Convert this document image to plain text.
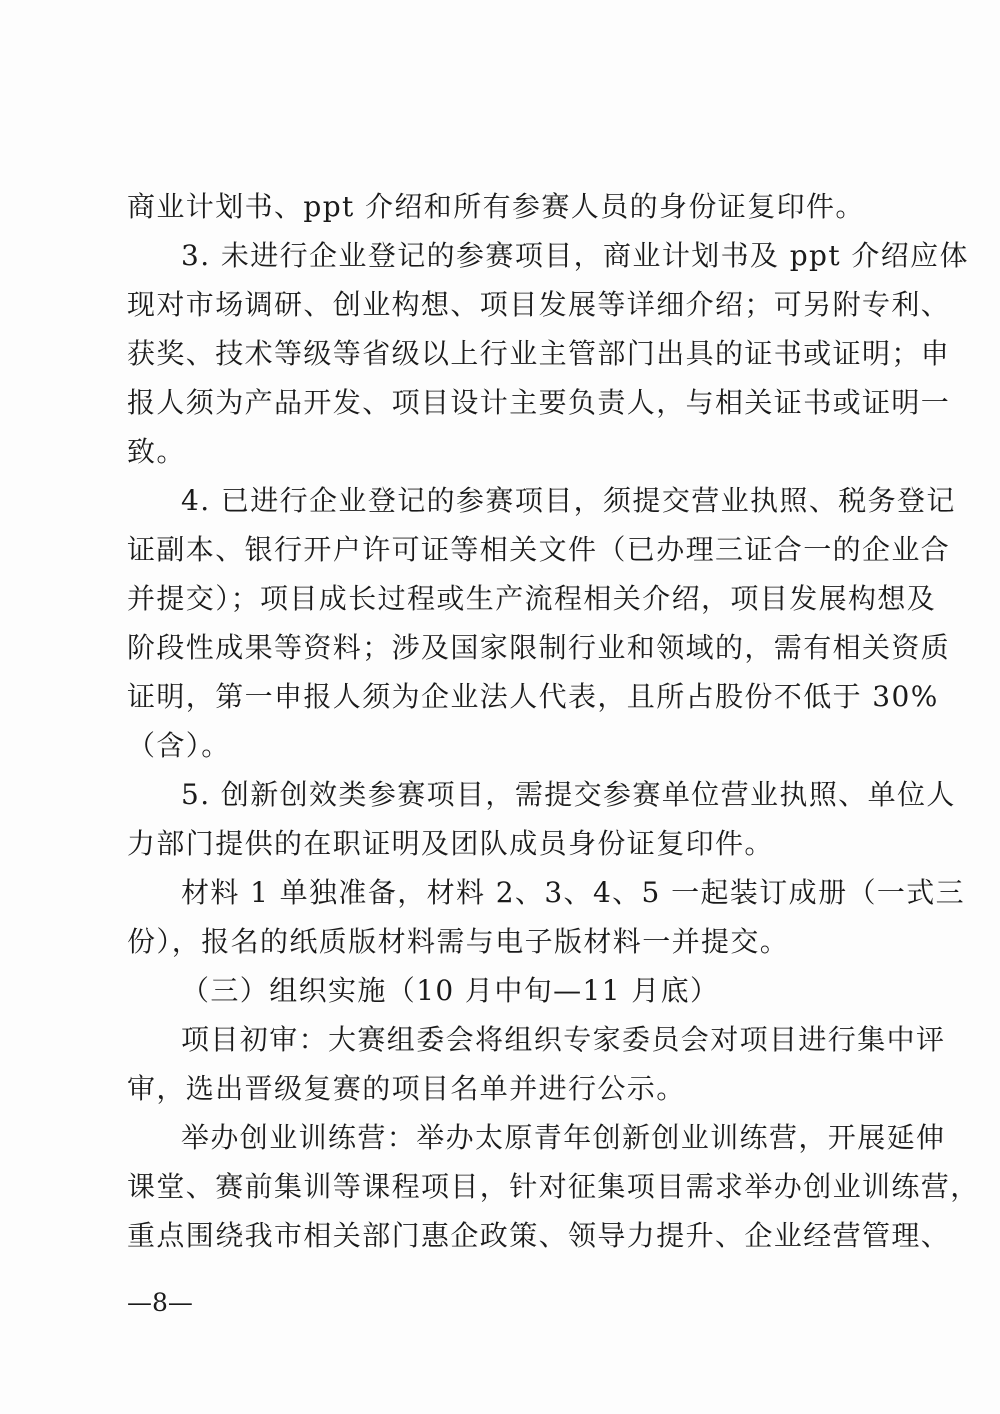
商业计划书、ppt 介绍和所有参赛人员的身份证复印件。
3. 未进行企业登记的参赛项目，商业计划书及 ppt 介绍应体
现对市场调研、创业构想、项目发展等详细介绍；可另附专利、
获奖、技术等级等省级以上行业主管部门出具的证书或证明；申
报人须为产品开发、项目设计主要负责人，与相关证书或证明一
致。
4. 已进行企业登记的参赛项目，须提交营业执照、税务登记
证副本、银行开户许可证等相关文件（已办理三证合一的企业合
并提交）；项目成长过程或生产流程相关介绍，项目发展构想及
阶段性成果等资料；涉及国家限制行业和领域的，需有相关资质
证明，第一申报人须为企业法人代表，且所占股份不低于 30%
（含）。
5. 创新创效类参赛项目，需提交参赛单位营业执照、单位人
力部门提供的在职证明及团队成员身份证复印件。
材料 1 单独准备，材料 2、3、4、5 一起装订成册（一式三
份），报名的纸质版材料需与电子版材料一并提交。
（三）组织实施（10 月中旬—11 月底）
项目初审：大赛组委会将组织专家委员会对项目进行集中评
审，选出晋级复赛的项目名单并进行公示。
举办创业训练营：举办太原青年创新创业训练营，开展延伸
课堂、赛前集训等课程项目，针对征集项目需求举办创业训练营，
重点围绕我市相关部门惠企政策、领导力提升、企业经营管理、
—8—
